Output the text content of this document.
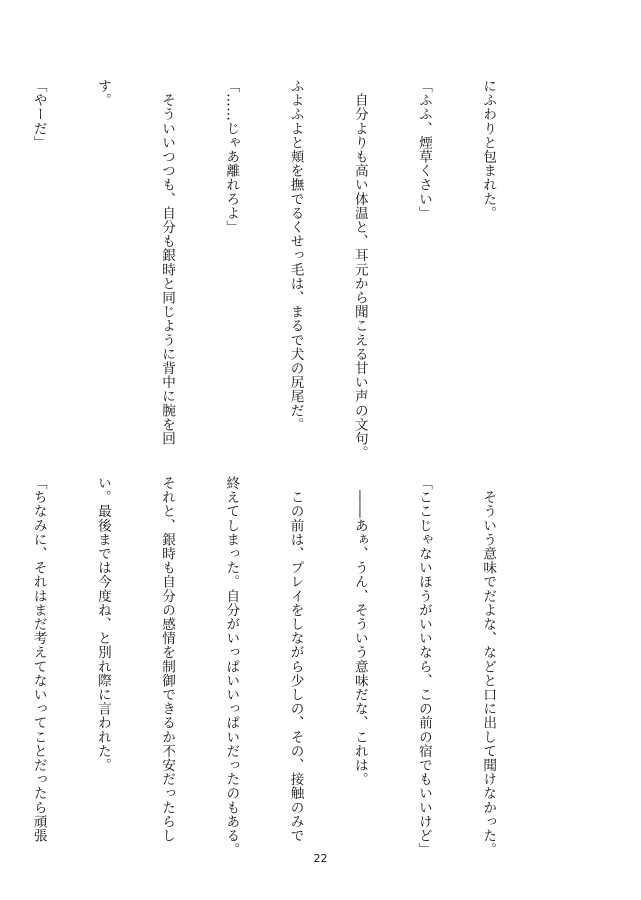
にふわりと包まれた。

「ふふ、煙草くさい」

　自分よりも高い体温と、耳元から聞こえる甘い声の文句。

ふよふよと頬を撫でるくせっ毛は、まるで犬の尻尾だ。

「……じゃあ離れろよ」

　そういいつつも、自分も銀時と同じように背中に腕を回

す。

「やーだ」

　そういう意味でだよな、などと口に出して聞けなかった。

「ここじゃないほうがいいなら、この前の宿でもいいけど」

　――あぁ、うん、そういう意味だな、これは。

　この前は、プレイをしながら少しの、その、接触のみで

終えてしまった。自分がいっぱいいっぱいだったのもある。

それと、銀時も自分の感情を制御できるか不安だったらし

い。最後までは今度ね、と別れ際に言われた。

「ちなみに、それはまだ考えてないってことだったら頑張

22
